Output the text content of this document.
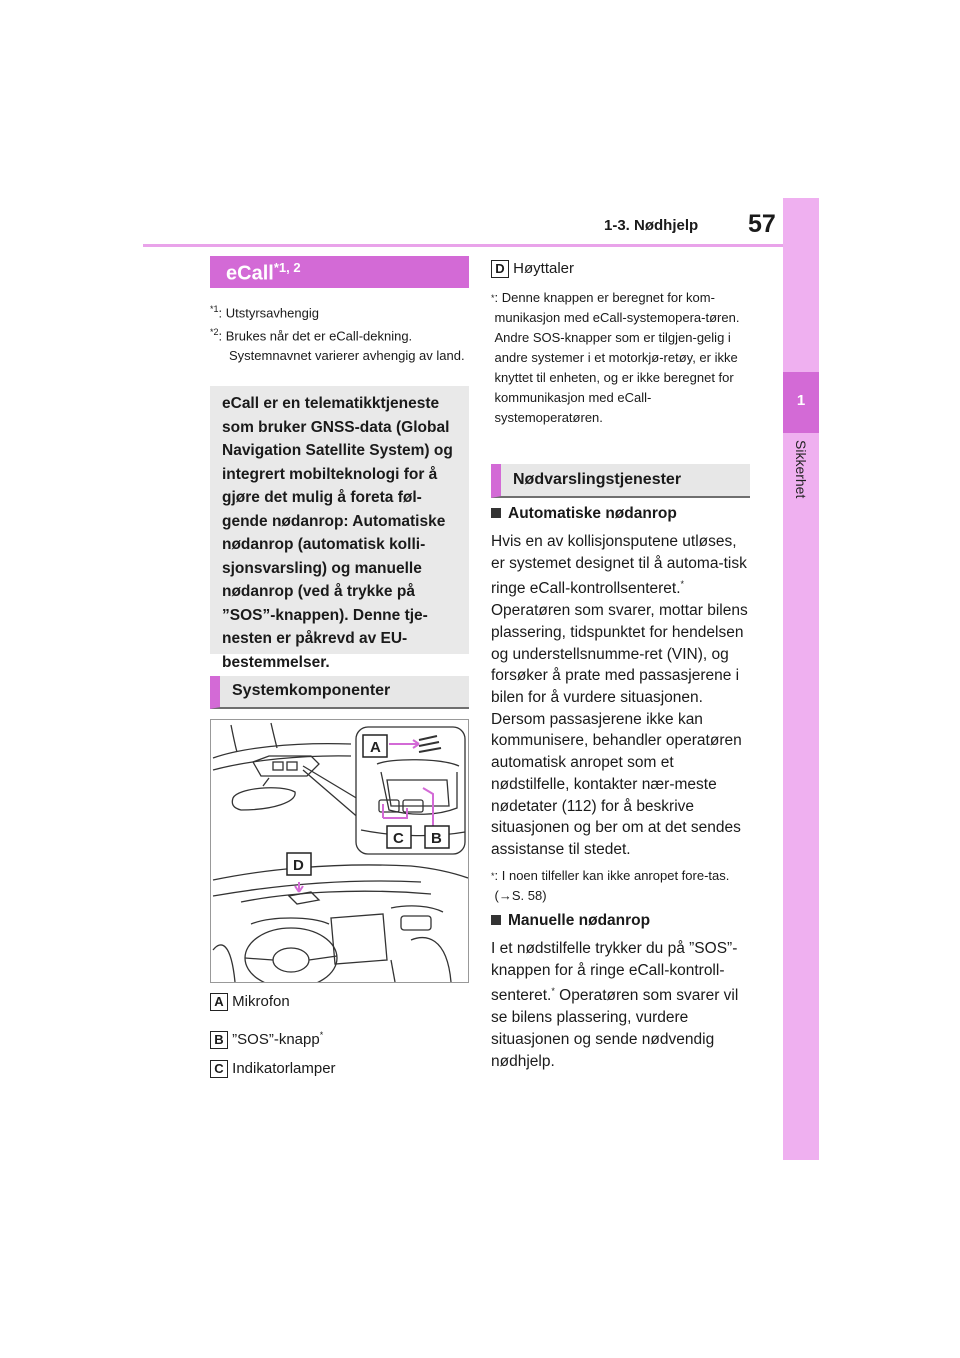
1-3. Nødhjelp 57
1
Sikkerhet
eCall$^{*1, 2}$
$^{*1}$: Utstyrsavhengig
$^{*2}$: Brukes når det er eCall-dekning.
Systemnavnet varierer avhengig av land.

eCall er en telematikktjeneste som bruker GNSS-data (Global Navigation Satellite System) og integrert mobilteknologi for å gjøre det mulig å foreta føl-gende nødanrop: Automatiske nødanrop (automatisk kolli-sjonsvarsling) og manuelle nødanrop (ved å trykke på ”SOS”-knappen). Denne tje-nesten er påkrevd av EU-bestemmelser.

Systemkomponenter
A
C B
D
A Mikrofon
B ”SOS”-knapp*
C Indikatorlamper
D Høyttaler
* : Denne knappen er beregnet for kom-munikasjon med eCall-systemopera-tøren. Andre SOS-knapper som er tilgjen-gelig i andre systemer i et motorkjø-retøy, er ikke knyttet til enheten, og er ikke beregnet for kommunikasjon med eCall-systemoperatøren.
Nødvarslingstjenester
Automatiske nødanrop
Hvis en av kollisjonsputene utløses, er systemet designet til å automa-tisk ringe eCall-kontrollsenteret.* Operatøren som svarer, mottar bilens plassering, tidspunktet for hendelsen og understellsnumme-ret (VIN), og forsøker å prate med passasjerene i bilen for å vurdere situasjonen. Dersom passasjerene ikke kan kommunisere, behandler operatøren automatisk anropet som et nødstilfelle, kontakter nær-meste nødetater (112) for å beskrive situasjonen og ber om at det sendes assistanse til stedet.
* : I noen tilfeller kan ikke anropet fore-tas. (→S. 58)
Manuelle nødanrop
I et nødstilfelle trykker du på ”SOS”-knappen for å ringe eCall-kontroll-senteret.* Operatøren som svarer vil se bilens plassering, vurdere situasjonen og sende nødvendig nødhjelp.
